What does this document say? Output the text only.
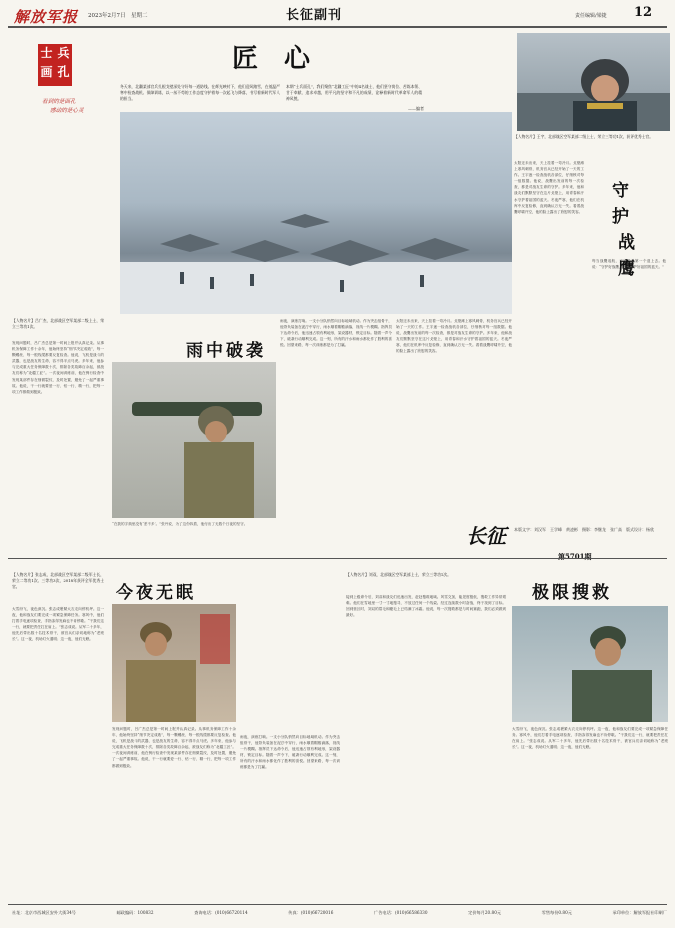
解放军报 2023年2月7日　星期二	长征副刊	责任编辑/梁捷 12
士 兵
画 孔
看到的是面孔
感动的是心灵
匠心
冬天来，北疆某部官兵扎根戈壁深处守好每一道防线。在辉光映衬下，他们迎风踏雪，在低温严寒中检查战机、保障训练，以一丝不苟的工作态度守护着每一次起飞与降落，书写着新时代军人的担当。
本期“士兵面孔”，我们聚焦“北疆工匠”中的4名战士，他们坚守岗位、苦练本领、甘于奉献、追求卓越，用平凡的坚守和不凡的成绩，诠释着新时代革命军人的精神风貌。
——编者
【人物名片】王宇，北部战区空军某部二级上士，荣立三等功1次，获评优秀士官。
太阳还未出来，天上挂着一弯冷月。戈壁滩上寒风刺骨，机务官兵已经开始了一天的工作。王宇逐一检查战机各部位，仔细核对每一组数据。他说，战鹰出发前的每一次检查，都是对战友生命的守护。多年来，他和战友们默默坚守在这片戈壁上，用青春和汗水守护着祖国的蓝天。冬夜严寒，他们在机库中反复检修，直到确认万无一失。看着战鹰呼啸升空，他的脸上露出了欣慰的笑容。
守护
战鹰
每当战鹰返航，王宇总是第一个迎上去。他说：“守护好战鹰，就是守护好祖国的蓝天。”
【人物名片】吕广杰，北部战区空军某部二级上士，荣立三等功1次。
发现问题时，吕广杰总是第一时间上报并认真记录。从事机务保障工作十余年，他始终坚持“细节决定成败”，每一颗螺丝、每一根线缆都要反复检查。他说，飞机是战斗的武器，也是战友的生命，容不得半点马虎。多年来，他参与完成重大任务保障数十次，排除各类故障百余起，被战友们称为“北疆工匠”。一次夜间训练前，他在例行检查中发现某部件存在细微裂纹，及时处置，避免了一起严重事故。他说，干一行就要爱一行、钻一行、精一行，把每一项工作都做到极致。
雨中破袭
“在我的字典里没有‘差不多’。”张丹说，为了这份执着，他付出了无数个日夜的坚守。
雨夜，演练打响。一支小分队悄然向目标地域机动。作为突击组骨干，他背负装备在泥泞中穿行，雨水顺着帽檐滴落，视线一片模糊。指挥员下达命令后，他迅速占领有利地形，架设器材，锁定目标。随着一声令下，破袭行动顺利完成。这一刻，所有的汗水和雨水都化作了胜利的喜悦。回望来路，每一次训练都是为了打赢。
太阳还未出来，天上挂着一弯冷月。戈壁滩上寒风刺骨，机务官兵已经开始了一天的工作。王宇逐一检查战机各部位，仔细核对每一组数据。他说，战鹰出发前的每一次检查，都是对战友生命的守护。多年来，他和战友们默默坚守在这片戈壁上，用青春和汗水守护着祖国的蓝天。冬夜严寒，他们在机库中反复检修，直到确认万无一失。看着战鹰呼啸升空，他的脸上露出了欣慰的笑容。
长征 本版文字：刘汉军　王学峰　黄凌彬　摄影：李继龙　张广高　版式设计：杨欣
第5701期
【人物名片】张志成，北部战区空军某部二级军士长，荣立二等功1次、三等功3次，2018年获评全军优秀士官。	今夜无眠
大雪纷飞，夜色深沉。张志成裹紧大衣走向停机坪。这一夜，他和战友们要完成一项紧急保障任务。寒风中，他们打着手电逐项检查，手指冻得发麻也不肯停歇。“干我们这一行，就要把责任扛在肩上。”张志成说。从军二十多年，他先后带出数十名技术骨干，被官兵们亲切地称为“老班长”。这一夜，机场灯火通明；这一夜，他们无眠。
发现问题时，吕广杰总是第一时间上报并认真记录。从事机务保障工作十余年，他始终坚持“细节决定成败”，每一颗螺丝、每一根线缆都要反复检查。他说，飞机是战斗的武器，也是战友的生命，容不得半点马虎。多年来，他参与完成重大任务保障数十次，排除各类故障百余起，被战友们称为“北疆工匠”。一次夜间训练前，他在例行检查中发现某部件存在细微裂纹，及时处置，避免了一起严重事故。他说，干一行就要爱一行、钻一行、精一行，把每一项工作都做到极致。
雨夜，演练打响。一支小分队悄然向目标地域机动。作为突击组骨干，他背负装备在泥泞中穿行，雨水顺着帽檐滴落，视线一片模糊。指挥员下达命令后，他迅速占领有利地形，架设器材，锁定目标。随着一声令下，破袭行动顺利完成。这一刻，所有的汗水和雨水都化作了胜利的喜悦。回望来路，每一次训练都是为了打赢。
【人物名片】刘双，北部战区空军某部上士，荣立三等功1次。
接到上级命令后，刘双和战友们迅速出发，赶赴搜救地域。风雪交加，能见度极低，搜救工作异常艰难。他们在雪地里一寸一寸地搜寻，不放过任何一个线索。经过连续数小时奋战，终于找到了目标。回到营区时，刘双的眉毛和睫毛上已结满了冰霜。他说，每一次搜救都是与时间赛跑，我们必须做到最好。
极限搜救
大雪纷飞，夜色深沉。张志成裹紧大衣走向停机坪。这一夜，他和战友们要完成一项紧急保障任务。寒风中，他们打着手电逐项检查，手指冻得发麻也不肯停歇。“干我们这一行，就要把责任扛在肩上。”张志成说。从军二十多年，他先后带出数十名技术骨干，被官兵们亲切地称为“老班长”。这一夜，机场灯火通明；这一夜，他们无眠。
社址：北京市西城区安外大街34号	邮政编码：100832	查询电话：(010)66720114	传真：(010)66720016	广告电话：(010)66586330	定价每月20.80元	零售每份0.80元	承印单位：解放军报社印刷厂
